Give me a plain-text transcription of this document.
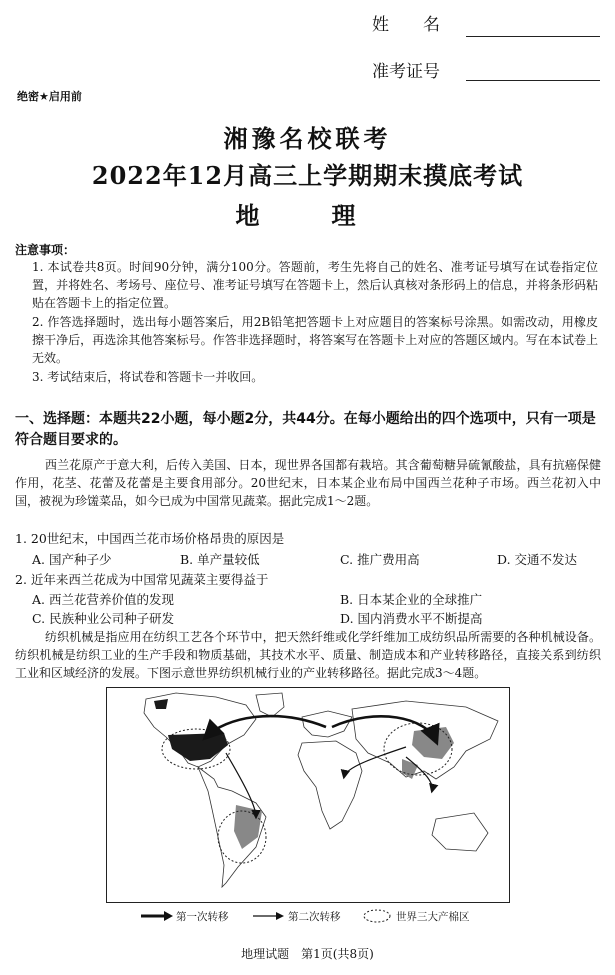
姓　　名
准考证号
绝密★启用前
湘豫名校联考
2022年12月高三上学期期末摸底考试
地　理
注意事项：
1. 本试卷共8页。时间90分钟，满分100分。答题前，考生先将自己的姓名、准考证号填写在试卷指定位置，并将姓名、考场号、座位号、准考证号填写在答题卡上，然后认真核对条形码上的信息，并将条形码粘贴在答题卡上的指定位置。
2. 作答选择题时，选出每小题答案后，用2B铅笔把答题卡上对应题目的答案标号涂黑。如需改动，用橡皮擦干净后，再选涂其他答案标号。作答非选择题时，将答案写在答题卡上对应的答题区域内。写在本试卷上无效。
3. 考试结束后，将试卷和答题卡一并收回。
一、选择题：本题共22小题，每小题2分，共44分。在每小题给出的四个选项中，只有一项是符合题目要求的。
西兰花原产于意大利，后传入美国、日本，现世界各国都有栽培。其含葡萄糖异硫氰酸盐，具有抗癌保健作用，花茎、花蕾及花蕾是主要食用部分。20世纪末，日本某企业布局中国西兰花种子市场。西兰花初入中国，被视为珍馐菜品，如今已成为中国常见蔬菜。据此完成1～2题。
1. 20世纪末，中国西兰花市场价格昂贵的原因是
A. 国产种子少	B. 单产量较低	C. 推广费用高	D. 交通不发达
2. 近年来西兰花成为中国常见蔬菜主要得益于
A. 西兰花营养价值的发现	B. 日本某企业的全球推广
C. 民族种业公司种子研发	D. 国内消费水平不断提高
纺织机械是指应用在纺织工艺各个环节中，把天然纤维或化学纤维加工成纺织品所需要的各种机械设备。纺织机械是纺织工业的生产手段和物质基础，其技术水平、质量、制造成本和产业转移路径，直接关系到纺织工业和区域经济的发展。下图示意世界纺织机械行业的产业转移路径。据此完成3～4题。
第一次转移	第二次转移	世界三大产棉区
地理试题　第1页(共8页)
